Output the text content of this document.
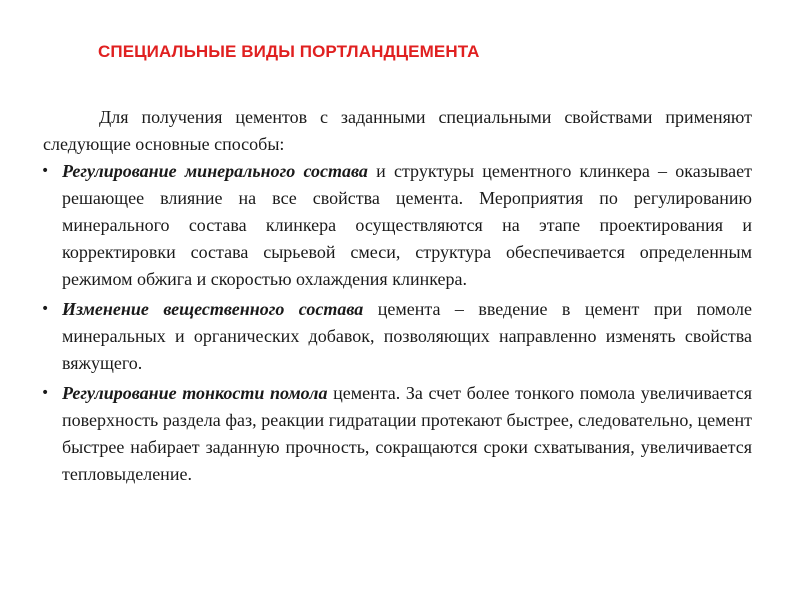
СПЕЦИАЛЬНЫЕ ВИДЫ ПОРТЛАНДЦЕМЕНТА

Для получения цементов с заданными специальными свойствами применяют следующие основные способы:

• Регулирование минерального состава и структуры цементного клинкера – оказывает решающее влияние на все свойства цемента. Мероприятия по регулированию минерального состава клинкера осуществляются на этапе проектирования и корректировки состава сырьевой смеси, структура обеспечивается определенным режимом обжига и скоростью охлаждения клинкера.
• Изменение вещественного состава цемента – введение в цемент при помоле минеральных и органических добавок, позволяющих направленно изменять свойства вяжущего.
• Регулирование тонкости помола цемента. За счет более тонкого помола увеличивается поверхность раздела фаз, реакции гидратации протекают быстрее, следовательно, цемент быстрее набирает заданную прочность, сокращаются сроки схватывания, увеличивается тепловыделение.
